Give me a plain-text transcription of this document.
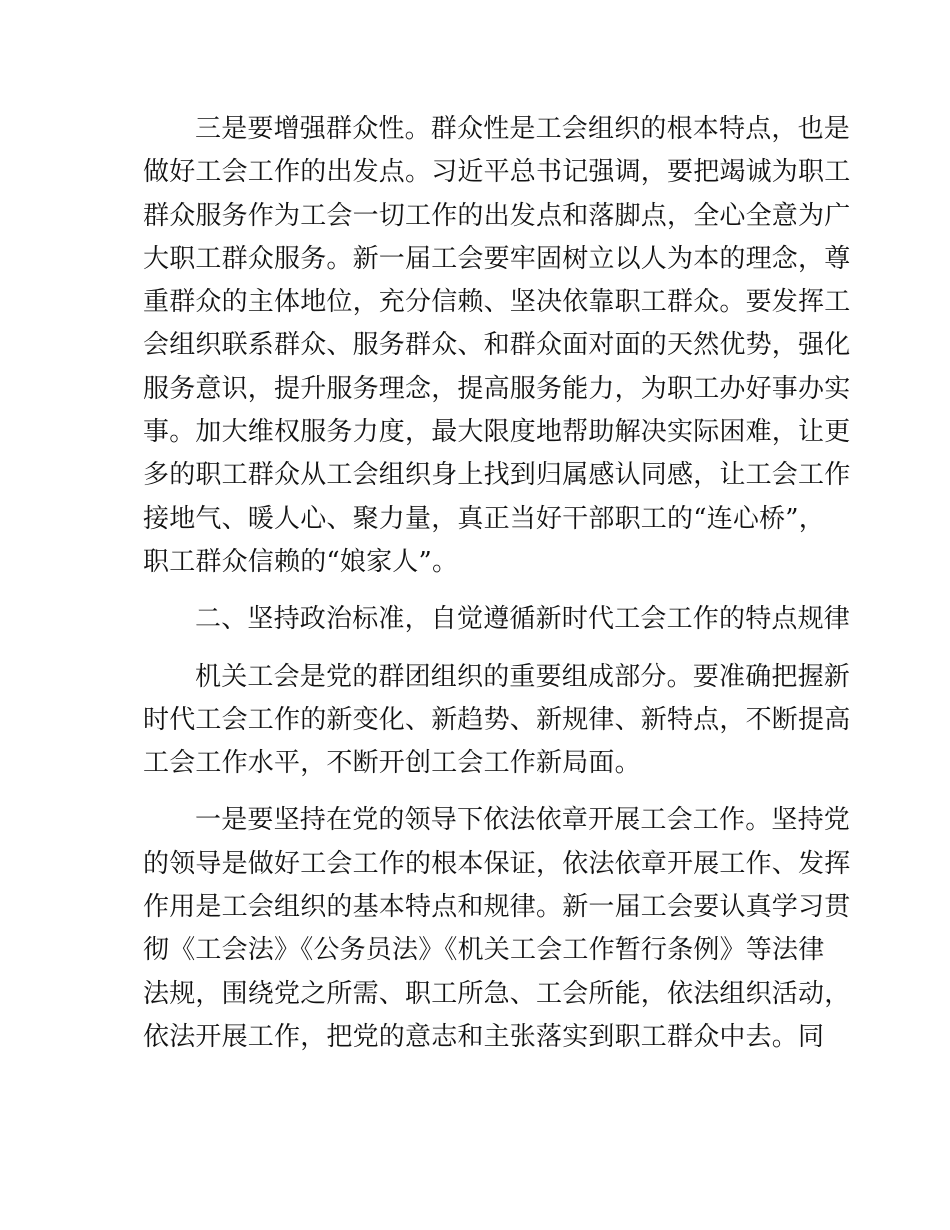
三是要增强群众性。群众性是工会组织的根本特点，也是
做好工会工作的出发点。习近平总书记强调，要把竭诚为职工
群众服务作为工会一切工作的出发点和落脚点，全心全意为广
大职工群众服务。新一届工会要牢固树立以人为本的理念，尊
重群众的主体地位，充分信赖、坚决依靠职工群众。要发挥工
会组织联系群众、服务群众、和群众面对面的天然优势，强化
服务意识，提升服务理念，提高服务能力，为职工办好事办实
事。加大维权服务力度，最大限度地帮助解决实际困难，让更
多的职工群众从工会组织身上找到归属感认同感，让工会工作
接地气、暖人心、聚力量，真正当好干部职工的“连心桥”，
职工群众信赖的“娘家人”。

二、坚持政治标准，自觉遵循新时代工会工作的特点规律

机关工会是党的群团组织的重要组成部分。要准确把握新
时代工会工作的新变化、新趋势、新规律、新特点，不断提高
工会工作水平，不断开创工会工作新局面。
一是要坚持在党的领导下依法依章开展工会工作。坚持党
的领导是做好工会工作的根本保证，依法依章开展工作、发挥
作用是工会组织的基本特点和规律。新一届工会要认真学习贯
彻《工会法》《公务员法》《机关工会工作暂行条例》等法律
法规，围绕党之所需、职工所急、工会所能，依法组织活动，
依法开展工作，把党的意志和主张落实到职工群众中去。同
